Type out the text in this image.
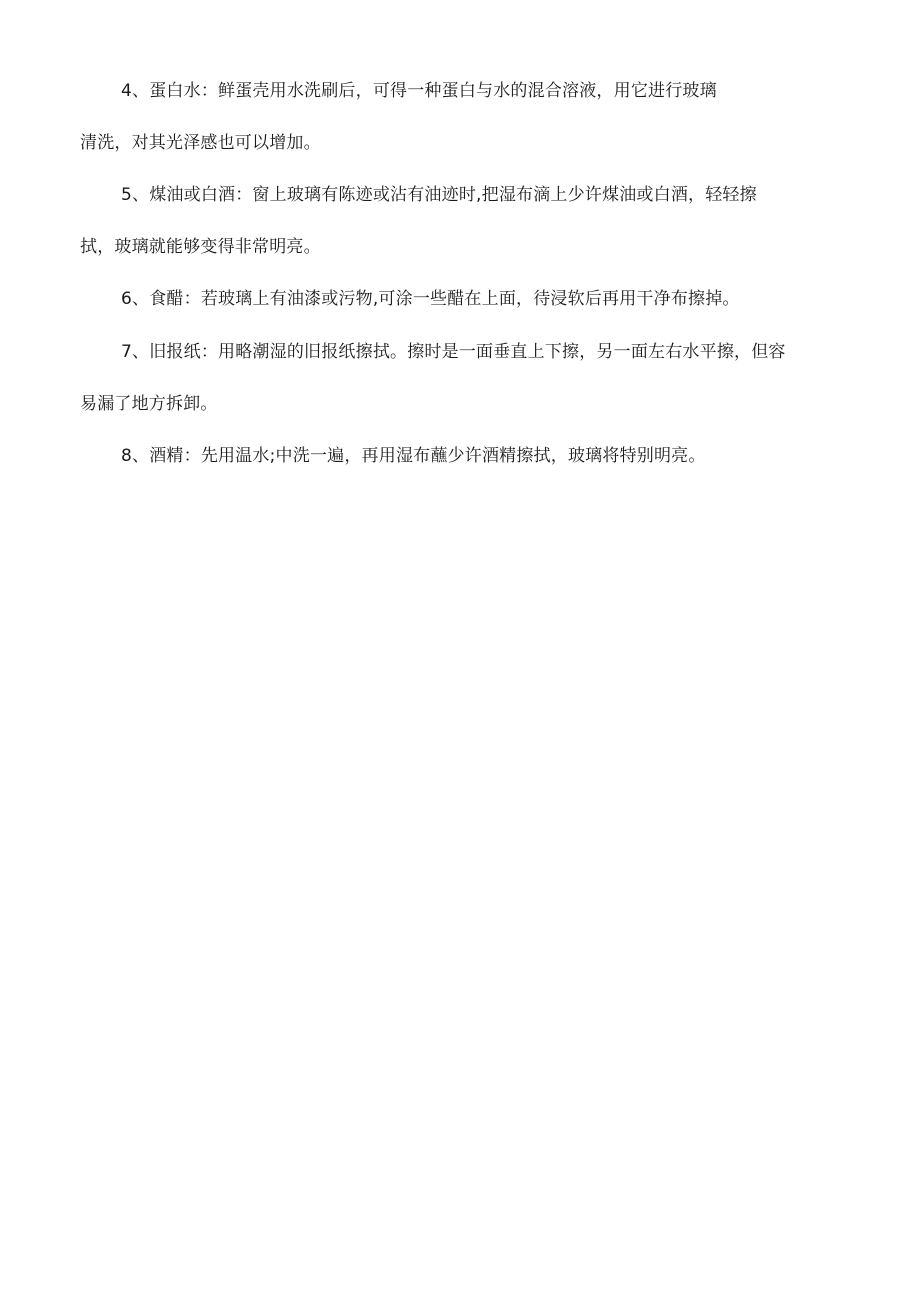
4、蛋白水：鲜蛋壳用水洗刷后，可得一种蛋白与水的混合溶液，用它进行玻璃
清洗，对其光泽感也可以增加。
5、煤油或白酒：窗上玻璃有陈迹或沾有油迹时,把湿布滴上少许煤油或白酒，轻轻擦
拭，玻璃就能够变得非常明亮。
6、食醋：若玻璃上有油漆或污物,可涂一些醋在上面，待浸软后再用干净布擦掉。
7、旧报纸：用略潮湿的旧报纸擦拭。擦时是一面垂直上下擦，另一面左右水平擦，但容
易漏了地方拆卸。
8、酒精：先用温水;中洗一遍，再用湿布蘸少许酒精擦拭，玻璃将特别明亮。
